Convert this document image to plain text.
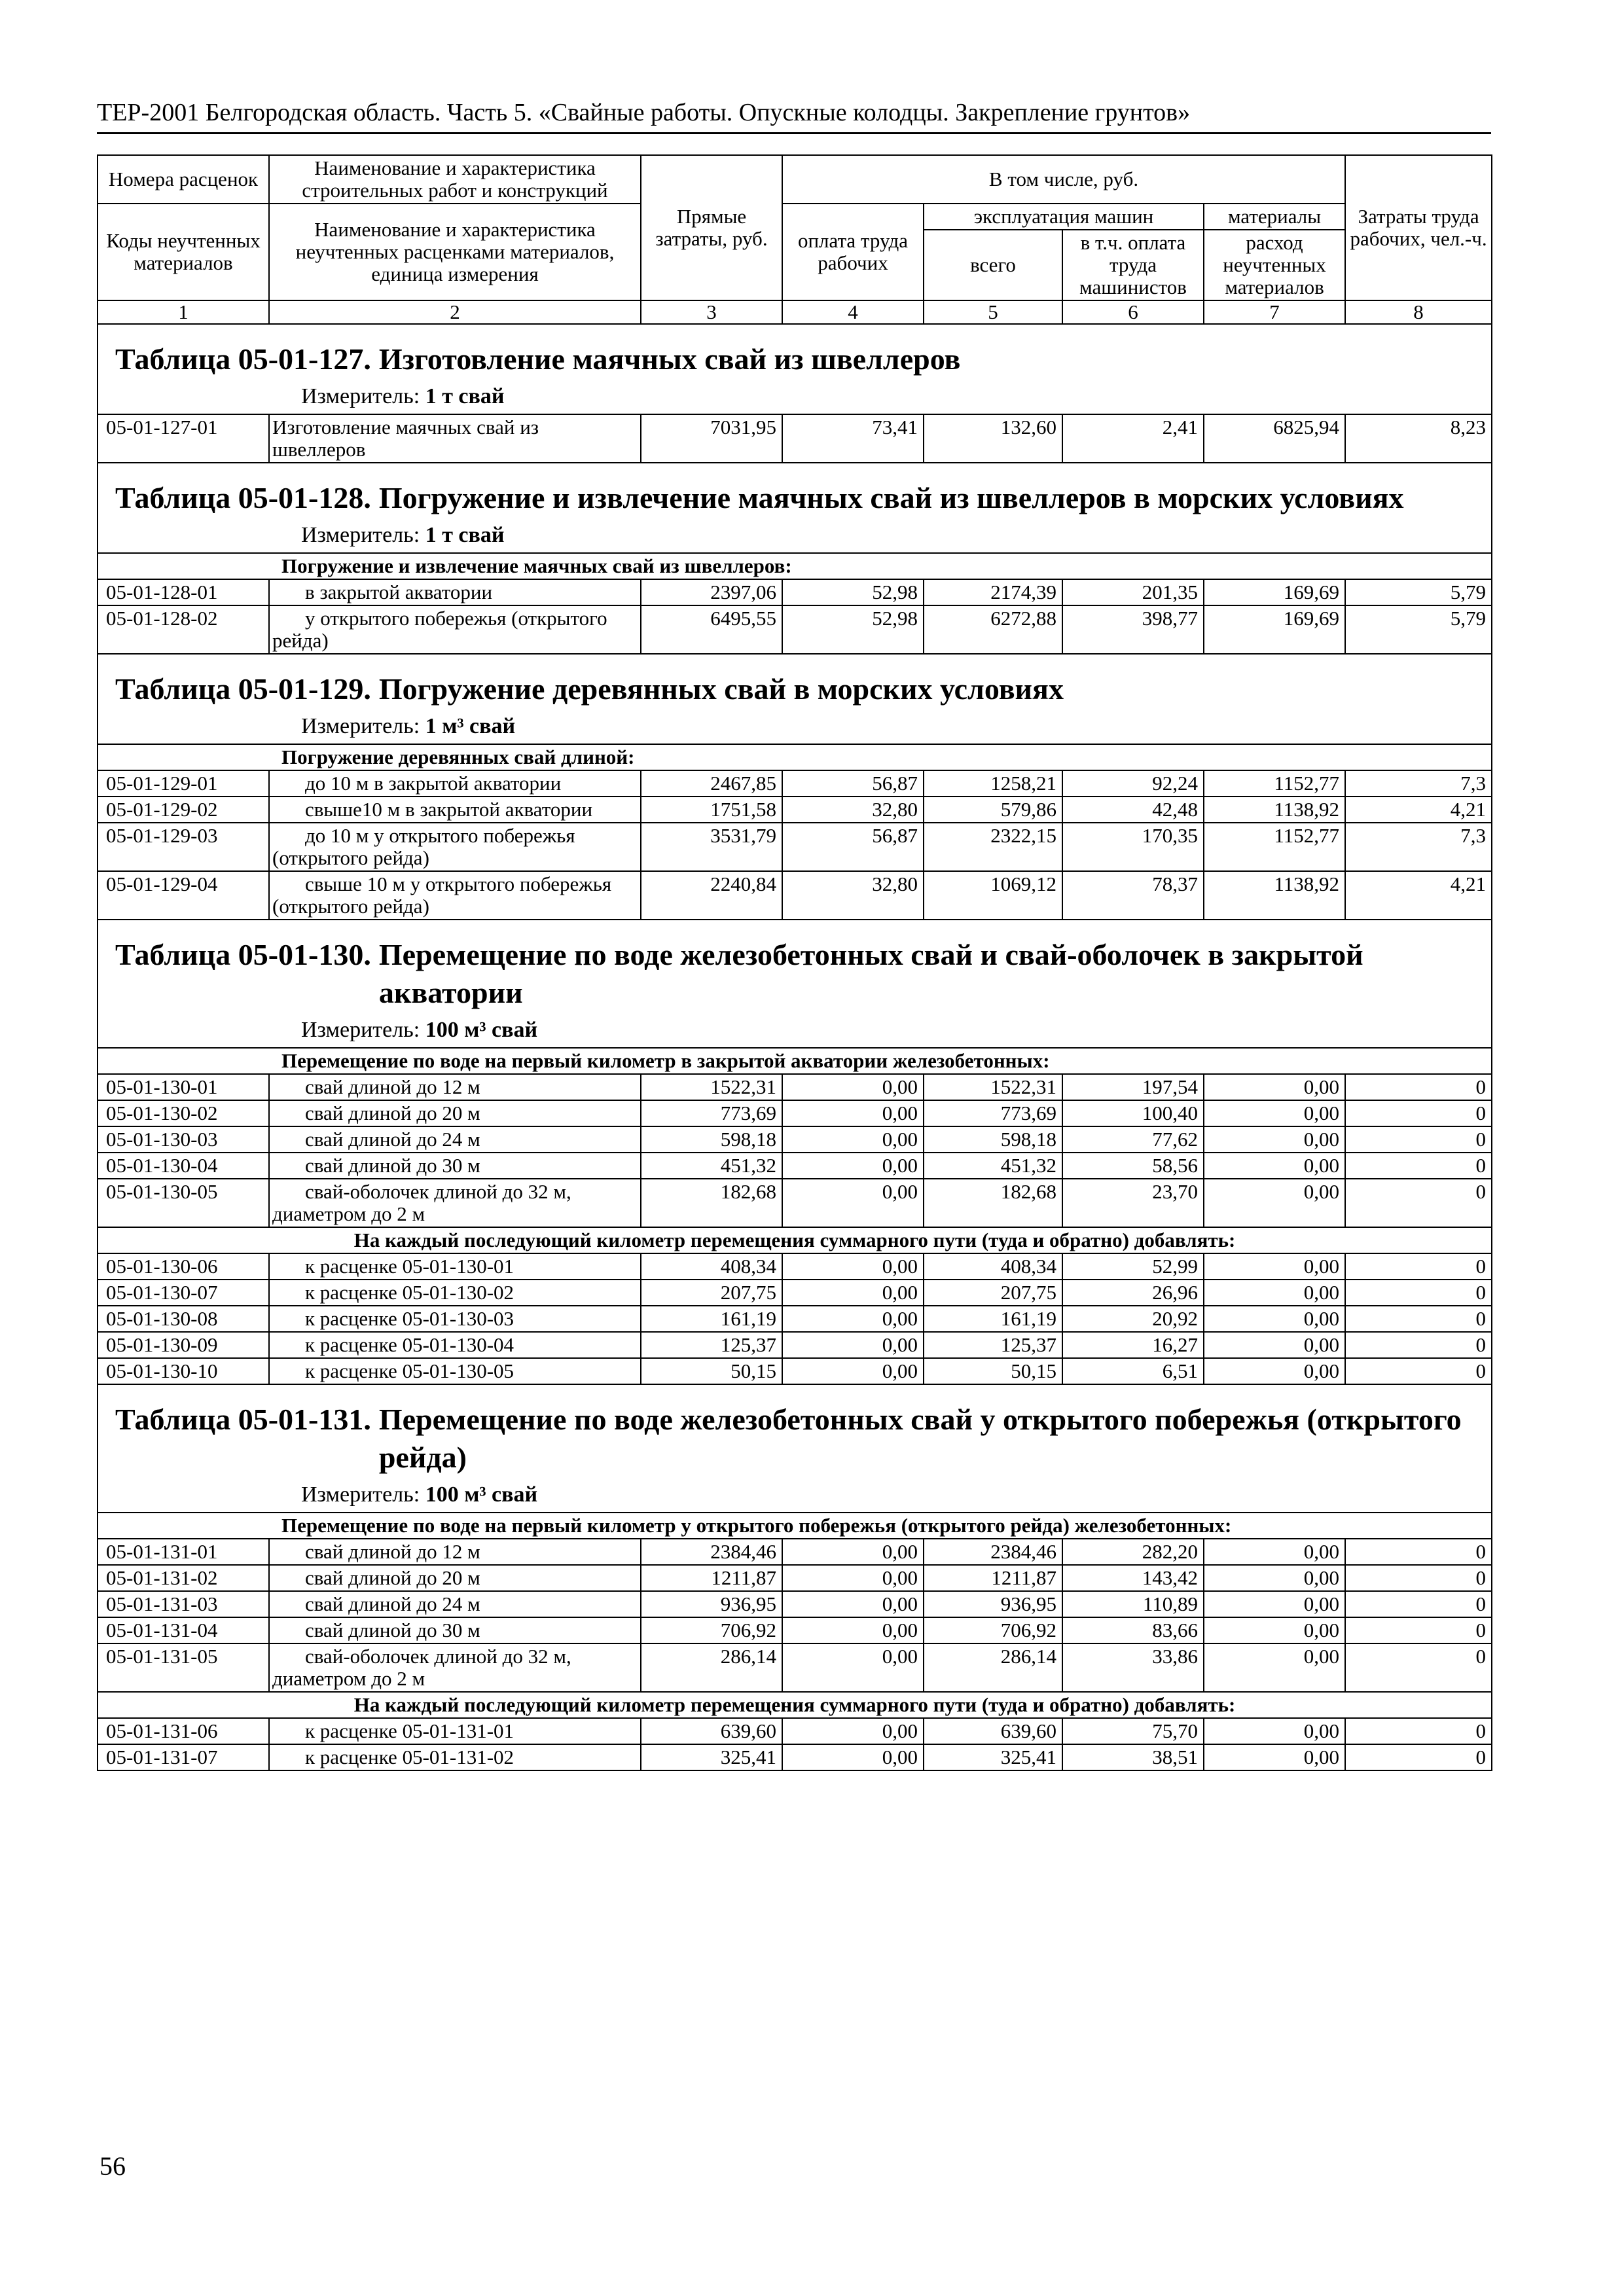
ТЕР-2001 Белгородская область. Часть 5. «Свайные работы. Опускные колодцы. Закрепление грунтов»
Номера расценок	Наименование и характеристика строительных работ и конструкций	Прямые затраты, руб.	В том числе, руб.				Затраты труда рабочих, чел.-ч.
Коды неучтенных материалов	Наименование и характеристика неучтенных расценками материалов, единица измерения		оплата труда рабочих	эксплуатация машин		материалы	
				всего	в т.ч. оплата труда машинистов	расход неучтенных материалов	
1	2	3	4	5	6	7	8

Таблица 05-01-127. Изготовление маячных свай из швеллеров
Измеритель: 1 т свай							

05-01-127-01	Изготовление маячных свай из швеллеров	7031,95	73,41	132,60	2,41	6825,94	8,23

Таблица 05-01-128. Погружение и извлечение маячных свай из швеллеров в морских условиях
Измеритель: 1 т свай							

Погружение и извлечение маячных свай из швеллеров:							
05-01-128-01	в закрытой акватории	2397,06	52,98	2174,39	201,35	169,69	5,79
05-01-128-02	у открытого побережья (открытого рейда)	6495,55	52,98	6272,88	398,77	169,69	5,79

Таблица 05-01-129. Погружение деревянных свай в морских условиях
Измеритель: 1 м³ свай							

Погружение деревянных свай длиной:							
05-01-129-01	до 10 м в закрытой акватории	2467,85	56,87	1258,21	92,24	1152,77	7,3
05-01-129-02	свыше10 м в закрытой акватории	1751,58	32,80	579,86	42,48	1138,92	4,21
05-01-129-03	до 10 м у открытого побережья (открытого рейда)	3531,79	56,87	2322,15	170,35	1152,77	7,3
05-01-129-04	свыше 10 м у открытого побережья (открытого рейда)	2240,84	32,80	1069,12	78,37	1138,92	4,21

Таблица 05-01-130. Перемещение по воде железобетонных свай и свай-оболочек в закрытой акватории
Измеритель: 100 м³ свай							

Перемещение по воде на первый километр в закрытой акватории железобетонных:							
05-01-130-01	свай длиной до 12 м	1522,31	0,00	1522,31	197,54	0,00	0
05-01-130-02	свай длиной до 20 м	773,69	0,00	773,69	100,40	0,00	0
05-01-130-03	свай длиной до 24 м	598,18	0,00	598,18	77,62	0,00	0
05-01-130-04	свай длиной до 30 м	451,32	0,00	451,32	58,56	0,00	0
05-01-130-05	свай-оболочек длиной до 32 м, диаметром до 2 м	182,68	0,00	182,68	23,70	0,00	0
На каждый последующий километр перемещения суммарного пути (туда и обратно) добавлять:							
05-01-130-06	к расценке 05-01-130-01	408,34	0,00	408,34	52,99	0,00	0
05-01-130-07	к расценке 05-01-130-02	207,75	0,00	207,75	26,96	0,00	0
05-01-130-08	к расценке 05-01-130-03	161,19	0,00	161,19	20,92	0,00	0
05-01-130-09	к расценке 05-01-130-04	125,37	0,00	125,37	16,27	0,00	0
05-01-130-10	к расценке 05-01-130-05	50,15	0,00	50,15	6,51	0,00	0

Таблица 05-01-131. Перемещение по воде железобетонных свай у открытого побережья (открытого рейда)
Измеритель: 100 м³ свай							

Перемещение по воде на первый километр у открытого побережья (открытого рейда) железобетонных:							
05-01-131-01	свай длиной до 12 м	2384,46	0,00	2384,46	282,20	0,00	0
05-01-131-02	свай длиной до 20 м	1211,87	0,00	1211,87	143,42	0,00	0
05-01-131-03	свай длиной до 24 м	936,95	0,00	936,95	110,89	0,00	0
05-01-131-04	свай длиной до 30 м	706,92	0,00	706,92	83,66	0,00	0
05-01-131-05	свай-оболочек длиной до 32 м, диаметром до 2 м	286,14	0,00	286,14	33,86	0,00	0
На каждый последующий километр перемещения суммарного пути (туда и обратно) добавлять:							
05-01-131-06	к расценке 05-01-131-01	639,60	0,00	639,60	75,70	0,00	0
05-01-131-07	к расценке 05-01-131-02	325,41	0,00	325,41	38,51	0,00	0
56
